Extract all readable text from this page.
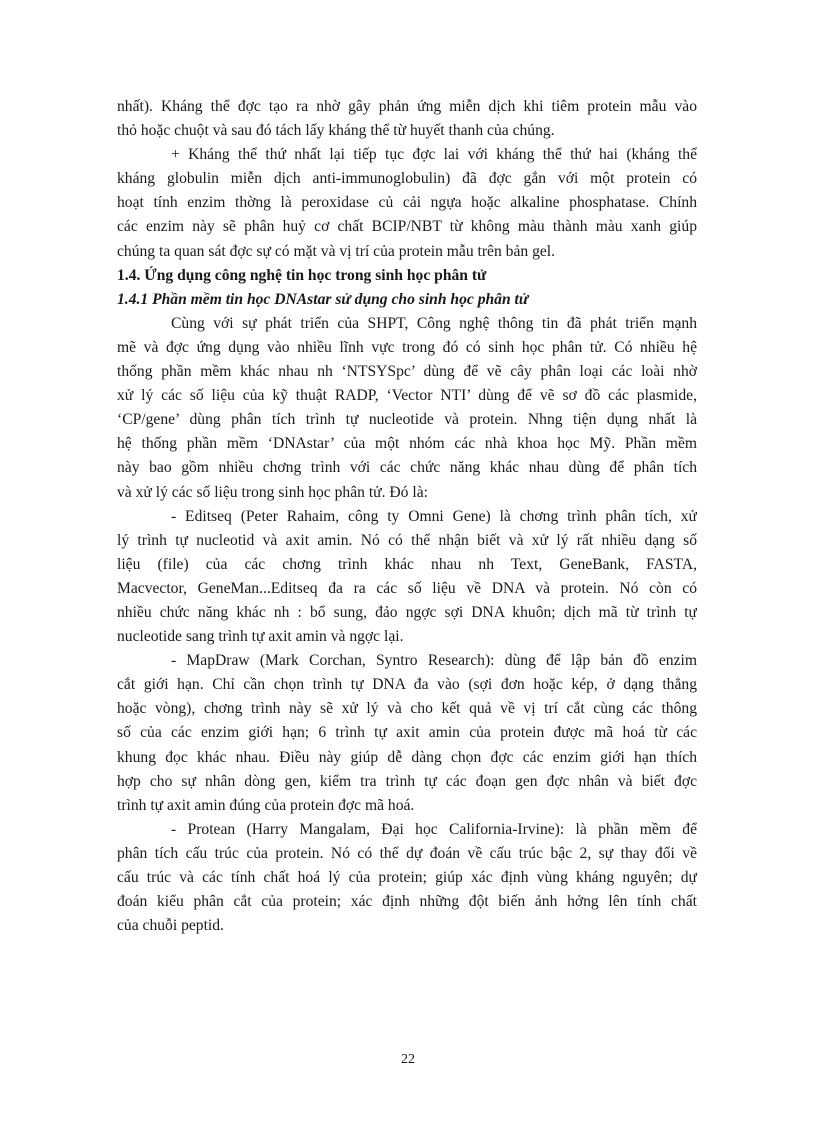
nhất). Kháng thể đợc tạo ra nhờ gây phản ứng miễn dịch khi tiêm protein mẫu vào
thỏ hoặc chuột và sau đó tách lấy kháng thể từ huyết thanh của chúng.
+ Kháng thể thứ nhất lại tiếp tục đợc lai với kháng thể thứ hai (kháng thể
kháng globulin miễn dịch anti-immunoglobulin) đã đợc gắn với một protein có
hoạt tính enzim thờng là peroxidase củ cải ngựa hoặc alkaline phosphatase. Chính
các enzim này sẽ phân huỷ cơ chất BCIP/NBT từ không màu thành màu xanh giúp
chúng ta quan sát đợc sự có mặt và vị trí của protein mẫu trên bản gel.
1.4. Ứng dụng công nghệ tin học trong sinh học phân tử
1.4.1 Phần mềm tin học DNAstar sử dụng cho sinh học phân tử
Cùng với sự phát triển của SHPT, Công nghệ thông tin đã phát triển mạnh
mẽ và đợc ứng dụng vào nhiều lĩnh vực trong đó có sinh học phân tử. Có nhiều hệ
thống phần mềm khác nhau nh ‘NTSYSpc’ dùng để vẽ cây phân loại các loài nhờ
xử lý các số liệu của kỹ thuật RADP, ‘Vector NTI’ dùng để vẽ sơ đồ các plasmide,
‘CP/gene’ dùng phân tích trình tự nucleotide và protein. Nhng tiện dụng nhất là
hệ thống phần mềm ‘DNAstar’ của một nhóm các nhà khoa học Mỹ. Phần mềm
này bao gồm nhiều chơng trình với các chức năng khác nhau dùng để phân tích
và xử lý các số liệu trong sinh học phân tử. Đó là:
- Editseq (Peter Rahaim, công ty Omni Gene) là chơng trình phân tích, xử
lý trình tự nucleotid và axit amin. Nó có thể nhận biết và xử lý rất nhiều dạng số
liệu (file) của các chơng trình khác nhau nh Text, GeneBank, FASTA,
Macvector, GeneMan...Editseq đa ra các số liệu về DNA và protein. Nó còn có
nhiều chức năng khác nh : bổ sung, đảo ngợc sợi DNA khuôn; dịch mã từ trình tự
nucleotide sang trình tự axit amin và ngợc lại.
- MapDraw (Mark Corchan, Syntro Research): dùng để lập bản đồ enzim
cắt giới hạn. Chỉ cần chọn trình tự DNA đa vào (sợi đơn hoặc kép, ở dạng thẳng
hoặc vòng), chơng trình này sẽ xử lý và cho kết quả về vị trí cắt cùng các thông
số của các enzim giới hạn; 6 trình tự axit amin của protein được mã hoá từ các
khung đọc khác nhau. Điều này giúp dễ dàng chọn đợc các enzim giới hạn thích
hợp cho sự nhân dòng gen, kiểm tra trình tự các đoạn gen đợc nhân và biết đợc
trình tự axit amin đúng của protein đợc mã hoá.
- Protean (Harry Mangalam, Đại học California-Irvine): là phần mềm để
phân tích cấu trúc của protein. Nó có thể dự đoán về cấu trúc bậc 2, sự thay đổi về
cấu trúc và các tính chất hoá lý của protein; giúp xác định vùng kháng nguyên; dự
đoán kiểu phân cắt của protein; xác định những đột biến ảnh hởng lên tính chất
của chuỗi peptid.
22
